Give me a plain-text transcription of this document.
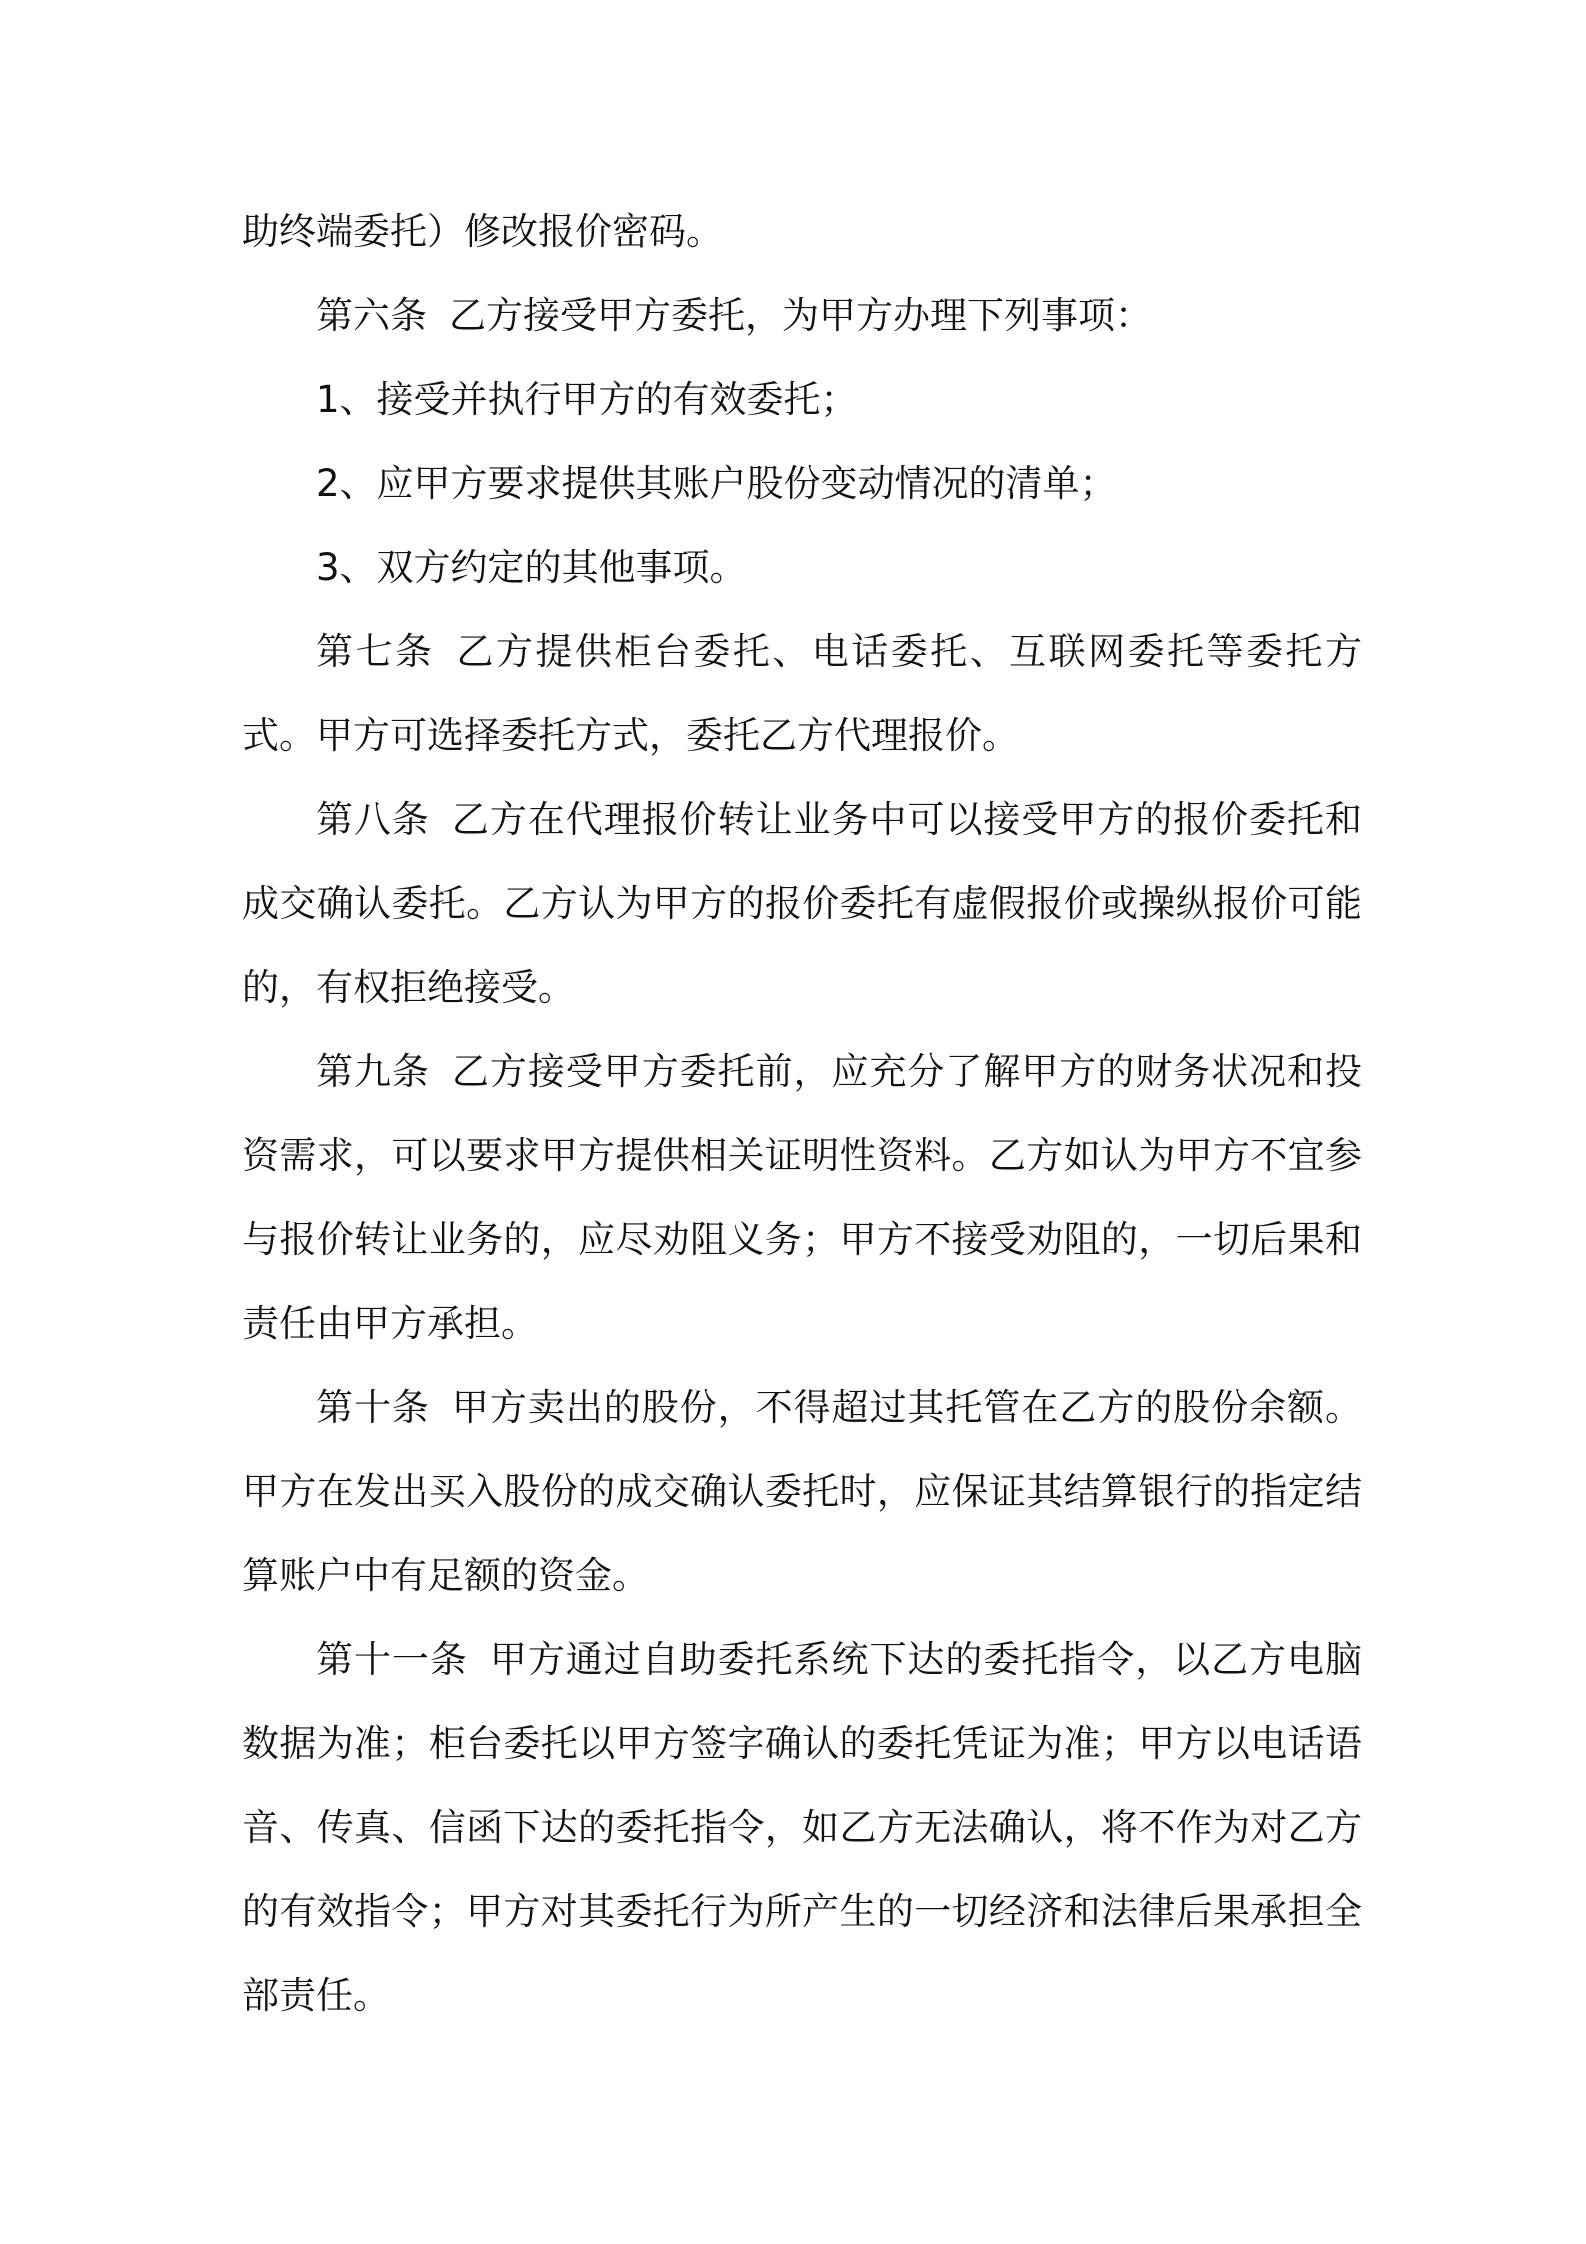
助终端委托）修改报价密码。

第六条 乙方接受甲方委托，为甲方办理下列事项：

1、接受并执行甲方的有效委托；

2、应甲方要求提供其账户股份变动情况的清单；

3、双方约定的其他事项。

第七条 乙方提供柜台委托、电话委托、互联网委托等委托方式。甲方可选择委托方式，委托乙方代理报价。

第八条 乙方在代理报价转让业务中可以接受甲方的报价委托和成交确认委托。乙方认为甲方的报价委托有虚假报价或操纵报价可能的，有权拒绝接受。

第九条 乙方接受甲方委托前，应充分了解甲方的财务状况和投资需求，可以要求甲方提供相关证明性资料。乙方如认为甲方不宜参与报价转让业务的，应尽劝阻义务；甲方不接受劝阻的，一切后果和责任由甲方承担。

第十条 甲方卖出的股份，不得超过其托管在乙方的股份余额。甲方在发出买入股份的成交确认委托时，应保证其结算银行的指定结算账户中有足额的资金。

第十一条 甲方通过自助委托系统下达的委托指令，以乙方电脑数据为准；柜台委托以甲方签字确认的委托凭证为准；甲方以电话语音、传真、信函下达的委托指令，如乙方无法确认，将不作为对乙方的有效指令；甲方对其委托行为所产生的一切经济和法律后果承担全部责任。
